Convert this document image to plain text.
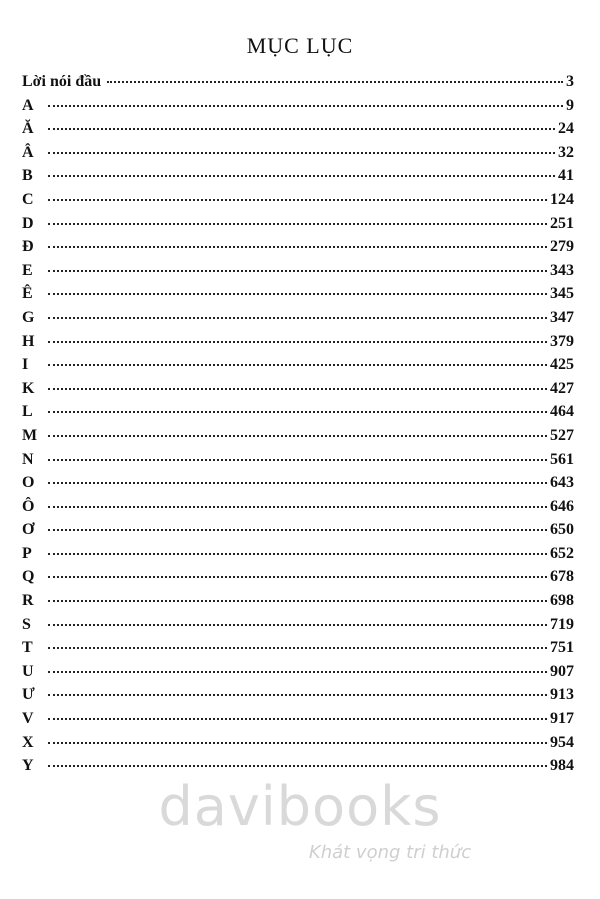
MỤC LỤC
Lời nói đầu	3
A	9
Ă	24
Â	32
B	41
C	124
D	251
Đ	279
E	343
Ê	345
G	347
H	379
I	425
K	427
L	464
M	527
N	561
O	643
Ô	646
Ơ	650
P	652
Q	678
R	698
S	719
T	751
U	907
Ư	913
V	917
X	954
Y	984
davibooks
Khát vọng tri thức
